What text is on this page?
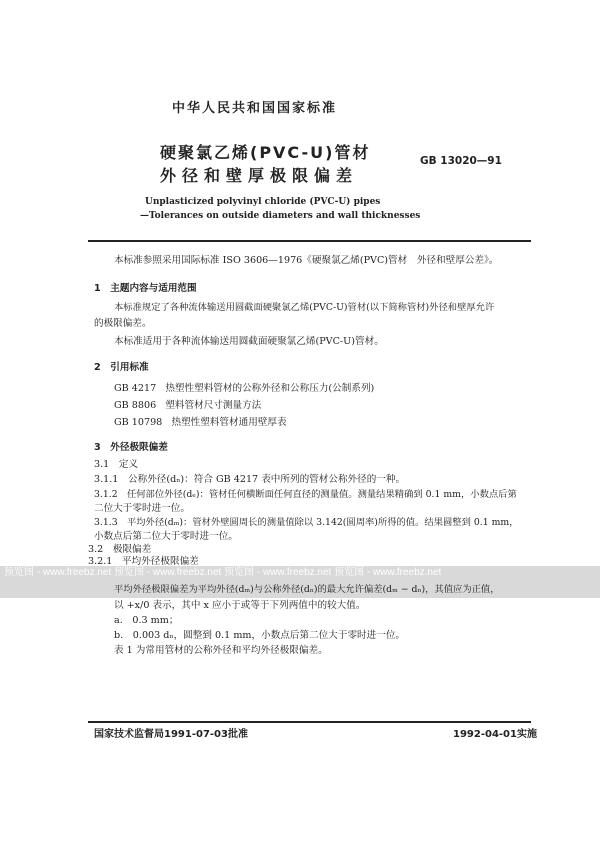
中华人民共和国国家标准
硬聚氯乙烯(PVC-U)管材
外径和壁厚极限偏差
GB 13020—91
Unplasticized polyvinyl chloride (PVC-U) pipes
—Tolerances on outside diameters and wall thicknesses
本标准参照采用国际标准 ISO 3606—1976《硬聚氯乙烯(PVC)管材　外径和壁厚公差》。
1　主题内容与适用范围
本标准规定了各种流体输送用圆截面硬聚氯乙烯(PVC-U)管材(以下简称管材)外径和壁厚允许
的极限偏差。
本标准适用于各种流体输送用圆截面硬聚氯乙烯(PVC-U)管材。
2　引用标准
GB 4217 热塑性塑料管材的公称外径和公称压力(公制系列)
GB 8806 塑料管材尺寸测量方法
GB 10798 热塑性塑料管材通用壁厚表
3　外径极限偏差
3.1　定义
3.1.1　公称外径(dₙ)：符合 GB 4217 表中所列的管材公称外径的一种。
3.1.2　任何部位外径(dₑ)：管材任何横断面任何直径的测量值。测量结果精确到 0.1 mm，小数点后第
二位大于零时进一位。
3.1.3　平均外径(dₘ)：管材外壁圆周长的测量值除以 3.142(圆周率)所得的值。结果圆整到 0.1 mm，
小数点后第二位大于零时进一位。
3.2　极限偏差
3.2.1　平均外径极限偏差
预览图 - www.freebz.net 预览图 - www.freebz.net 预览图 - www.freebz.net 预览图 - www.freebz.net
平均外径极限偏差为平均外径(dₘ)与公称外径(dₙ)的最大允许偏差(dₘ − dₙ)，其值应为正值，
以 +x/0 表示，其中 x 应小于或等于下列两值中的较大值。
a.　0.3 mm；
b.　0.003 dₙ，圆整到 0.1 mm，小数点后第二位大于零时进一位。
表 1 为常用管材的公称外径和平均外径极限偏差。
国家技术监督局1991-07-03批准	1992-04-01实施
